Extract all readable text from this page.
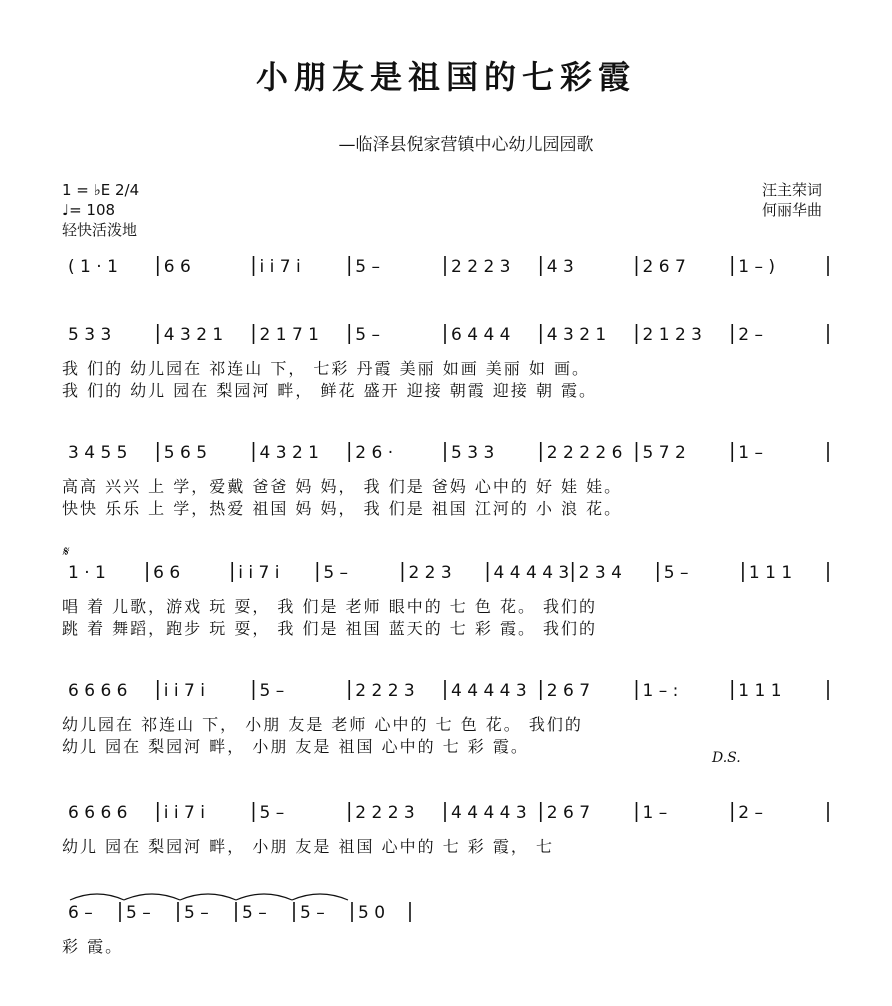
小朋友是祖国的七彩霞
—临泽县倪家营镇中心幼儿园园歌
1 = ♭E 2/4
♩= 108
轻快活泼地
汪主荣词
何丽华曲
( 1 · 1	6 6	i i 7 i	5 –	2 2 2 3 4 3	2 6 7	1 – )
5 3 3	4 3 2 1 2 1 7 1 5 –	6 4 4 4 4 3 2 1 2 1 2 3 2 –
我 们的 幼儿园在 祁连山 下， 七彩 丹霞 美丽 如画 美丽 如 画。
我 们的 幼儿 园在 梨园河 畔， 鲜花 盛开 迎接 朝霞 迎接 朝 霞。
3 4 5 5 5 6 5	4 3 2 1 2 6 ·	5 3 3	2 2 2 2 6 5 7 2	1 –
高高 兴兴 上 学，爱戴 爸爸 妈 妈， 我 们是 爸妈 心中的 好 娃 娃。
快快 乐乐 上 学，热爱 祖国 妈 妈， 我 们是 祖国 江河的 小 浪 花。
1 · 1	6 6	i i 7 i	5 –	2 2 3 4 4 4 4 3 2 3 4 5 –	1 1 1
唱 着 儿歌，游戏 玩 耍， 我 们是 老师 眼中的 七 色 花。 我们的
跳 着 舞蹈，跑步 玩 耍， 我 们是 祖国 蓝天的 七 彩 霞。 我们的
6 6 6 6 i i 7 i	5 –	2 2 2 3 4 4 4 4 3 2 6 7	1 – :	1 1 1
幼儿园在 祁连山 下， 小朋 友是 老师 心中的 七 色 花。 我们的
幼儿 园在 梨园河 畔， 小朋 友是 祖国 心中的 七 彩 霞。
6 6 6 6 i i 7 i	5 –	2 2 2 3 4 4 4 4 3 2 6 7	1 –	2 –
幼儿 园在 梨园河 畔， 小朋 友是 祖国 心中的 七 彩 霞， 七
6 – 5 – 5 – 5 – 5 – 5 0
彩 霞。
𝄋
D.S.
